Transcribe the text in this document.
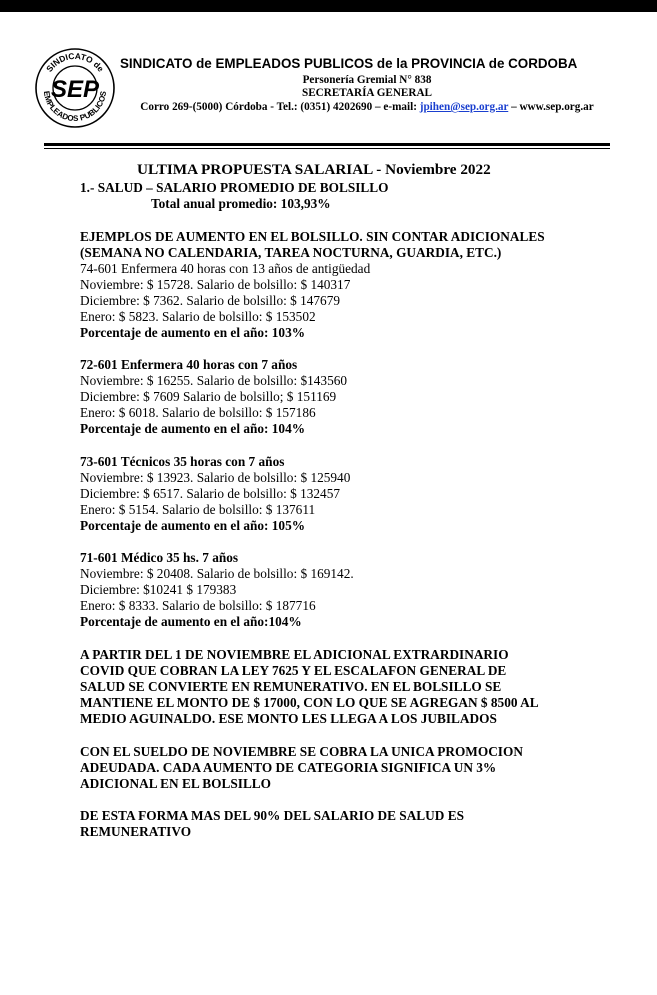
SINDICATO de
EMPLEADOS PUBLICOS
SEP
SINDICATO de EMPLEADOS PUBLICOS de la PROVINCIA de CORDOBA
Personería Gremial N° 838
SECRETARÍA GENERAL
Corro 269-(5000) Córdoba - Tel.: (0351) 4202690 – e-mail: jpihen@sep.org.ar – www.sep.org.ar
ULTIMA PROPUESTA SALARIAL - Noviembre 2022
1.- SALUD – SALARIO PROMEDIO DE BOLSILLO
Total anual promedio: 103,93%
EJEMPLOS DE AUMENTO EN EL BOLSILLO. SIN CONTAR ADICIONALES
(SEMANA NO CALENDARIA, TAREA NOCTURNA, GUARDIA, ETC.)
74-601 Enfermera 40 horas con 13 años de antigüedad
Noviembre: $ 15728. Salario de bolsillo: $ 140317
Diciembre: $ 7362. Salario de bolsillo: $ 147679
Enero: $ 5823. Salario de bolsillo: $ 153502
Porcentaje de aumento en el año: 103%
72-601 Enfermera 40 horas con 7 años
Noviembre: $ 16255. Salario de bolsillo: $143560
Diciembre: $ 7609 Salario de bolsillo; $ 151169
Enero: $ 6018. Salario de bolsillo: $ 157186
Porcentaje de aumento en el año: 104%
73-601 Técnicos 35 horas con 7 años
Noviembre: $ 13923. Salario de bolsillo: $ 125940
Diciembre: $ 6517. Salario de bolsillo: $ 132457
Enero: $ 5154. Salario de bolsillo: $ 137611
Porcentaje de aumento en el año: 105%
71-601 Médico 35 hs. 7 años
Noviembre: $ 20408. Salario de bolsillo: $ 169142.
Diciembre: $10241 $ 179383
Enero: $ 8333. Salario de bolsillo: $ 187716
Porcentaje de aumento en el año:104%
A PARTIR DEL 1 DE NOVIEMBRE EL ADICIONAL EXTRARDINARIO
COVID QUE COBRAN LA LEY 7625 Y EL ESCALAFON GENERAL DE
SALUD SE CONVIERTE EN REMUNERATIVO. EN EL BOLSILLO SE
MANTIENE EL MONTO DE $ 17000, CON LO QUE SE AGREGAN $ 8500 AL
MEDIO AGUINALDO. ESE MONTO LES LLEGA A LOS JUBILADOS
CON EL SUELDO DE NOVIEMBRE SE COBRA LA UNICA PROMOCION
ADEUDADA. CADA AUMENTO DE CATEGORIA SIGNIFICA UN 3%
ADICIONAL EN EL BOLSILLO
DE ESTA FORMA MAS DEL 90% DEL SALARIO DE SALUD ES
REMUNERATIVO
